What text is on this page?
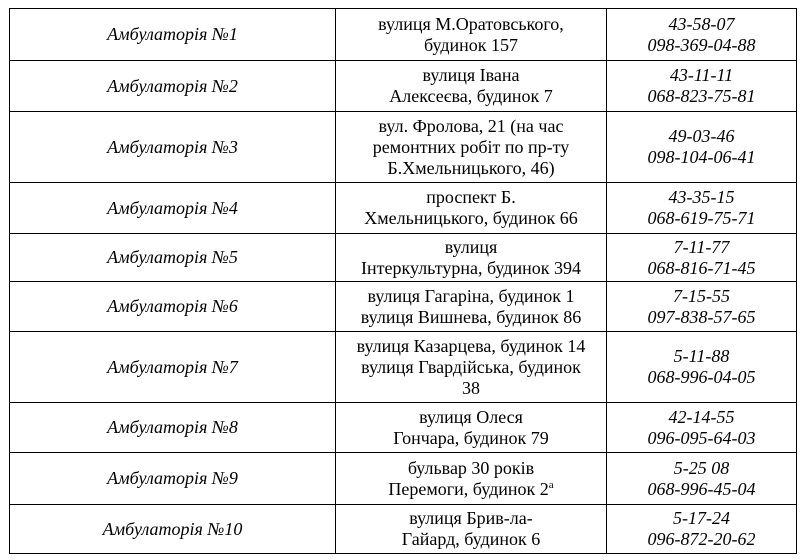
Амбулаторія №1	вулиця М.Оратовського,
будинок 157	43-58-07
098-369-04-88

Амбулаторія №2	вулиця Івана
Алексеєва, будинок 7	43-11-11
068-823-75-81

Амбулаторія №3	вул. Фролова, 21 (на час
ремонтних робіт по пр-ту
Б.Хмельницького, 46)	49-03-46
098-104-06-41

Амбулаторія №4	проспект Б.
Хмельницького, будинок 66	43-35-15
068-619-75-71

Амбулаторія №5	вулиця
Інтеркультурна, будинок 394	7-11-77
068-816-71-45

Амбулаторія №6	вулиця Гагаріна, будинок 1
вулиця Вишнева, будинок 86	7-15-55
097-838-57-65

Амбулаторія №7	вулиця Казарцева, будинок 14
вулиця Гвардійська, будинок
38	5-11-88
068-996-04-05

Амбулаторія №8	вулиця Олеся
Гончара, будинок 79	42-14-55
096-095-64-03

Амбулаторія №9	бульвар 30 років
Перемоги, будинок $2^а$	5-25 08
068-996-45-04

Амбулаторія №10	вулиця Брив-ла-
Гайард, будинок 6	5-17-24
096-872-20-62
